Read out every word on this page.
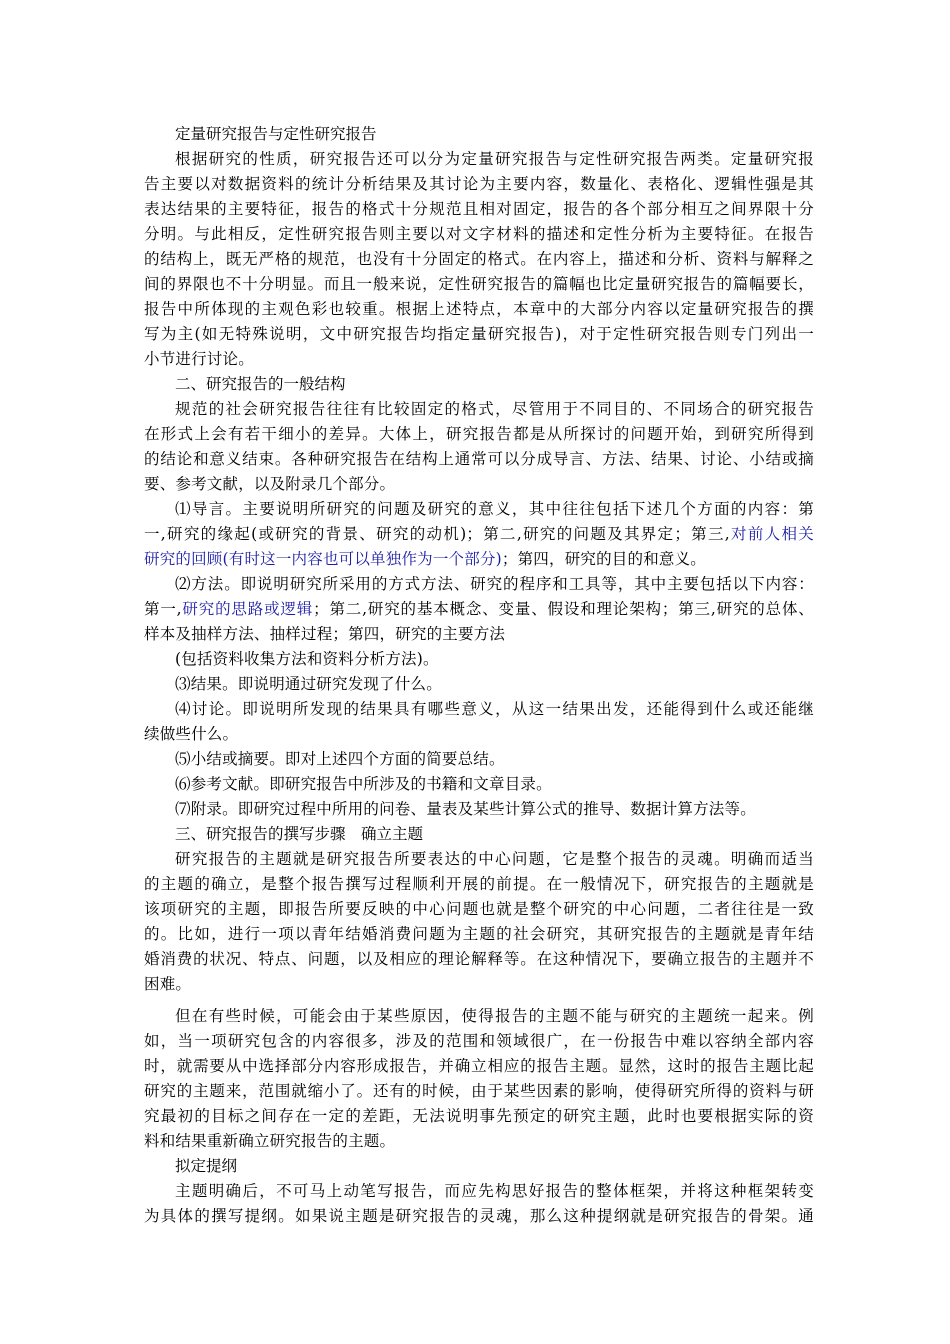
定量研究报告与定性研究报告
根据研究的性质，研究报告还可以分为定量研究报告与定性研究报告两类。定量研究报
告主要以对数据资料的统计分析结果及其讨论为主要内容，数量化、表格化、逻辑性强是其
表达结果的主要特征，报告的格式十分规范且相对固定，报告的各个部分相互之间界限十分
分明。与此相反，定性研究报告则主要以对文字材料的描述和定性分析为主要特征。在报告
的结构上，既无严格的规范，也没有十分固定的格式。在内容上，描述和分析、资料与解释之
间的界限也不十分明显。而且一般来说，定性研究报告的篇幅也比定量研究报告的篇幅要长，
报告中所体现的主观色彩也较重。根据上述特点，本章中的大部分内容以定量研究报告的撰
写为主(如无特殊说明，文中研究报告均指定量研究报告)，对于定性研究报告则专门列出一
小节进行讨论。
二、研究报告的一般结构
规范的社会研究报告往往有比较固定的格式，尽管用于不同目的、不同场合的研究报告
在形式上会有若干细小的差异。大体上，研究报告都是从所探讨的问题开始，到研究所得到
的结论和意义结束。各种研究报告在结构上通常可以分成导言、方法、结果、讨论、小结或摘
要、参考文献，以及附录几个部分。
⑴导言。主要说明所研究的问题及研究的意义，其中往往包括下述几个方面的内容：第
一,研究的缘起(或研究的背景、研究的动机)；第二,研究的问题及其界定；第三,对前人相关
研究的回顾(有时这一内容也可以单独作为一个部分)；第四，研究的目的和意义。
⑵方法。即说明研究所采用的方式方法、研究的程序和工具等，其中主要包括以下内容：
第一,研究的思路或逻辑；第二,研究的基本概念、变量、假设和理论架构；第三,研究的总体、
样本及抽样方法、抽样过程；第四，研究的主要方法
(包括资料收集方法和资料分析方法)。
⑶结果。即说明通过研究发现了什么。
⑷讨论。即说明所发现的结果具有哪些意义，从这一结果出发，还能得到什么或还能继
续做些什么。
⑸小结或摘要。即对上述四个方面的简要总结。
⑹参考文献。即研究报告中所涉及的书籍和文章目录。
⑺附录。即研究过程中所用的问卷、量表及某些计算公式的推导、数据计算方法等。
三、研究报告的撰写步骤　确立主题
研究报告的主题就是研究报告所要表达的中心问题，它是整个报告的灵魂。明确而适当
的主题的确立，是整个报告撰写过程顺利开展的前提。在一般情况下，研究报告的主题就是
该项研究的主题，即报告所要反映的中心问题也就是整个研究的中心问题，二者往往是一致
的。比如，进行一项以青年结婚消费问题为主题的社会研究，其研究报告的主题就是青年结
婚消费的状况、特点、问题，以及相应的理论解释等。在这种情况下，要确立报告的主题并不
困难。
但在有些时候，可能会由于某些原因，使得报告的主题不能与研究的主题统一起来。例
如，当一项研究包含的内容很多，涉及的范围和领域很广，在一份报告中难以容纳全部内容
时，就需要从中选择部分内容形成报告，并确立相应的报告主题。显然，这时的报告主题比起
研究的主题来，范围就缩小了。还有的时候，由于某些因素的影响，使得研究所得的资料与研
究最初的目标之间存在一定的差距，无法说明事先预定的研究主题，此时也要根据实际的资
料和结果重新确立研究报告的主题。
拟定提纲
主题明确后，不可马上动笔写报告，而应先构思好报告的整体框架，并将这种框架转变
为具体的撰写提纲。如果说主题是研究报告的灵魂，那么这种提纲就是研究报告的骨架。通
